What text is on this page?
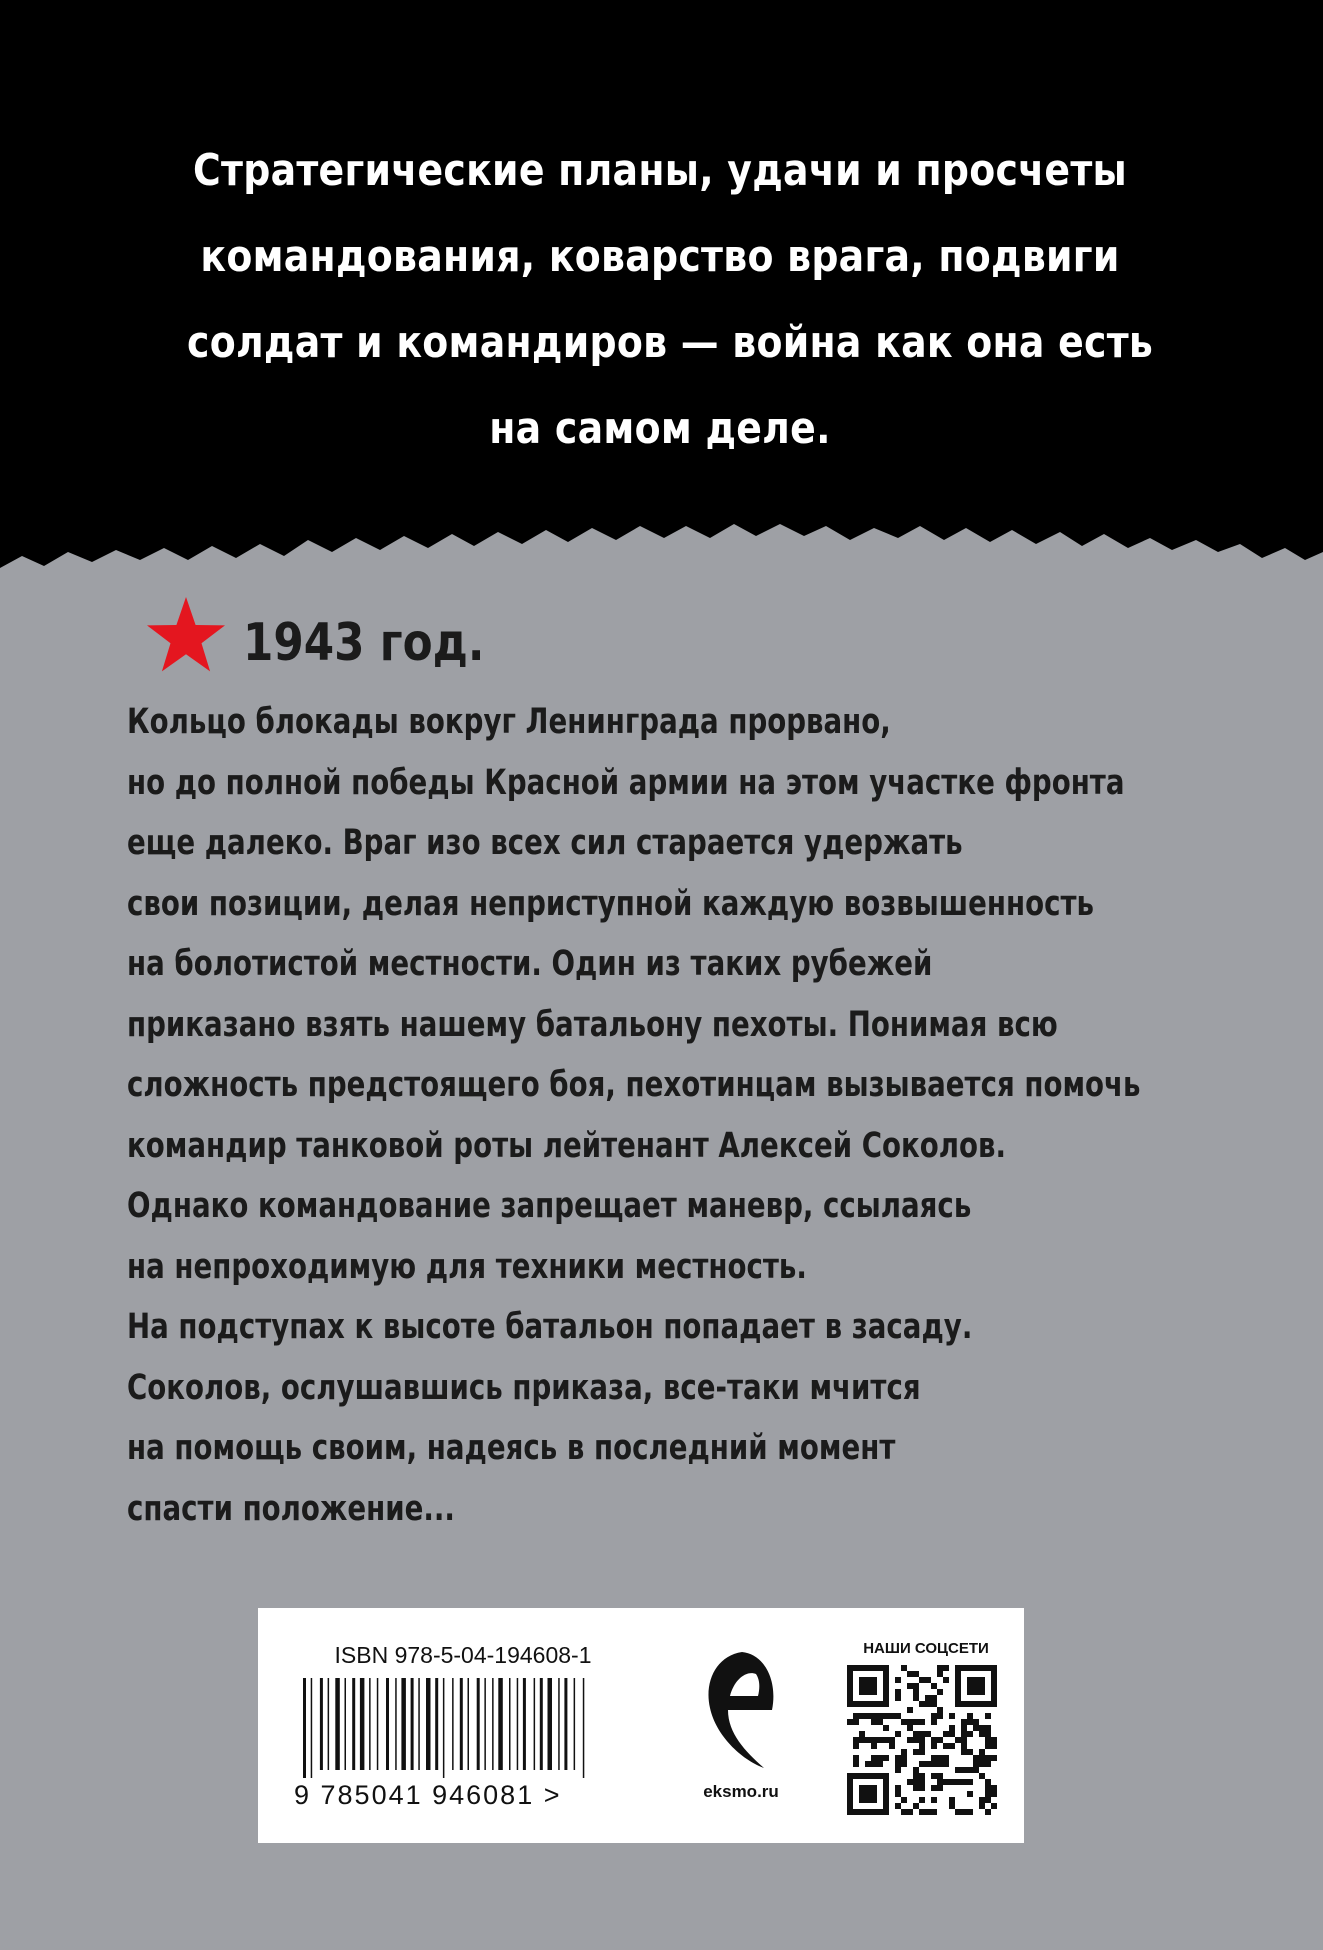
Стратегические планы, удачи и просчеты
командования, коварство врага, подвиги
солдат и командиров — война как она есть
на самом деле.
1943 год.
Кольцо блокады вокруг Ленинграда прорвано,
но до полной победы Красной армии на этом участке фронта
еще далеко. Враг изо всех сил старается удержать
свои позиции, делая неприступной каждую возвышенность
на болотистой местности. Один из таких рубежей
приказано взять нашему батальону пехоты. Понимая всю
сложность предстоящего боя, пехотинцам вызывается помочь
командир танковой роты лейтенант Алексей Соколов.
Однако командование запрещает маневр, ссылаясь
на непроходимую для техники местность.
На подступах к высоте батальон попадает в засаду.
Соколов, ослушавшись приказа, все-таки мчится
на помощь своим, надеясь в последний момент
спасти положение...
ISBN 978-5-04-194608-1
9 785041 946081 >	eksmo.ru
НАШИ СОЦСЕТИ
